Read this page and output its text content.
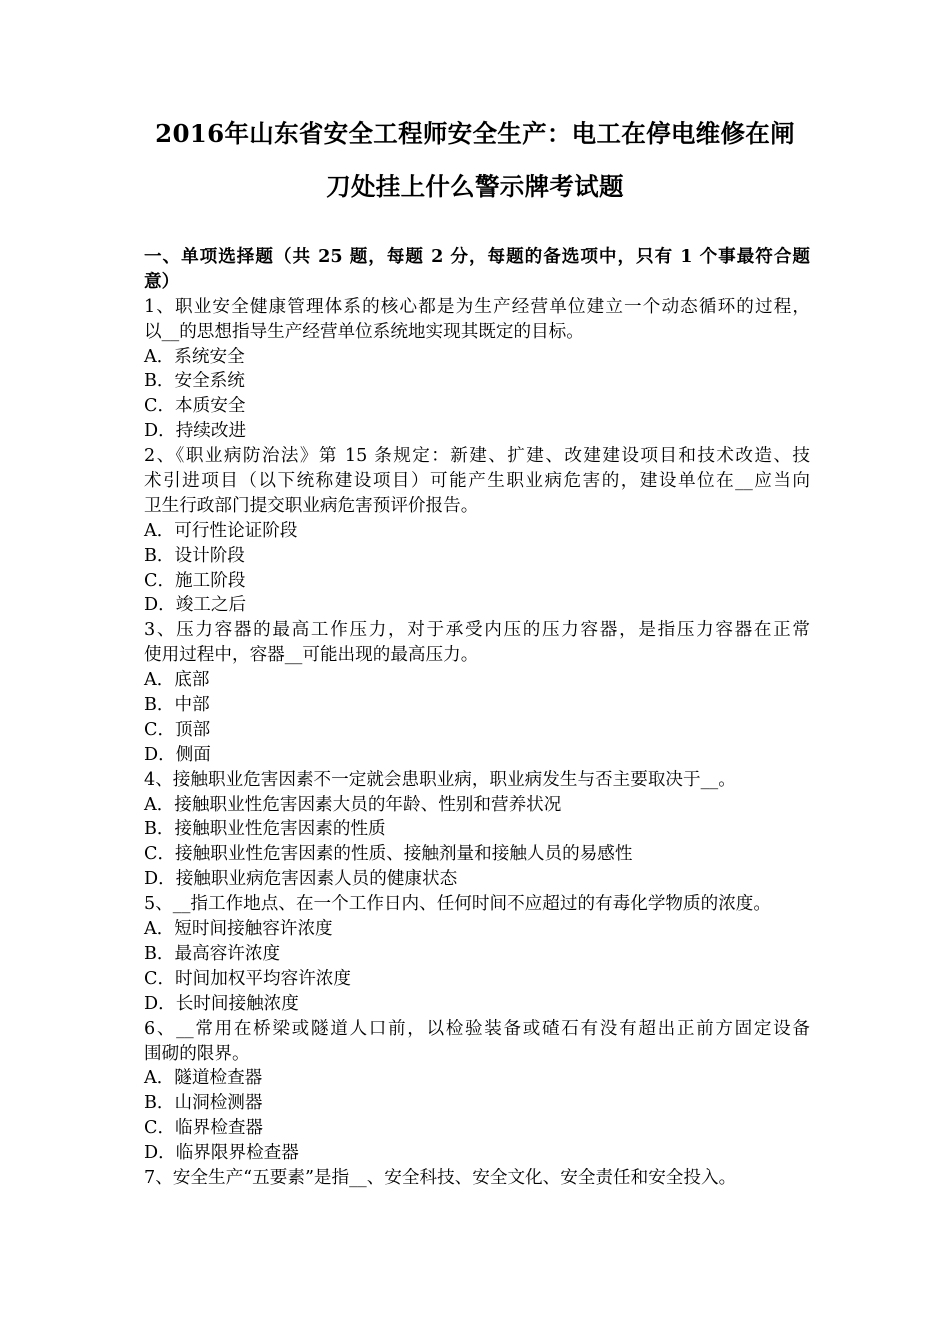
2016年山东省安全工程师安全生产：电工在停电维修在闸
刀处挂上什么警示牌考试题
一、单项选择题（共 25 题，每题 2 分，每题的备选项中，只有 1 个事最符合题
意）
1、职业安全健康管理体系的核心都是为生产经营单位建立一个动态循环的过程，
以__的思想指导生产经营单位系统地实现其既定的目标。
A．系统安全
B．安全系统
C．本质安全
D．持续改进
2、《职业病防治法》第 15 条规定：新建、扩建、改建建设项目和技术改造、技
术引进项目（以下统称建设项目）可能产生职业病危害的，建设单位在__应当向
卫生行政部门提交职业病危害预评价报告。
A．可行性论证阶段
B．设计阶段
C．施工阶段
D．竣工之后
3、压力容器的最高工作压力，对于承受内压的压力容器，是指压力容器在正常
使用过程中，容器__可能出现的最高压力。
A．底部
B．中部
C．顶部
D．侧面
4、接触职业危害因素不一定就会患职业病，职业病发生与否主要取决于__。
A．接触职业性危害因素大员的年龄、性别和营养状况
B．接触职业性危害因素的性质
C．接触职业性危害因素的性质、接触剂量和接触人员的易感性
D．接触职业病危害因素人员的健康状态
5、__指工作地点、在一个工作日内、任何时间不应超过的有毒化学物质的浓度。
A．短时间接触容许浓度
B．最高容许浓度
C．时间加权平均容许浓度
D．长时间接触浓度
6、__常用在桥梁或隧道人口前，以检验装备或碴石有没有超出正前方固定设备
围砌的限界。
A．隧道检查器
B．山洞检测器
C．临界检查器
D．临界限界检查器
7、安全生产“五要素”是指__、安全科技、安全文化、安全责任和安全投入。
